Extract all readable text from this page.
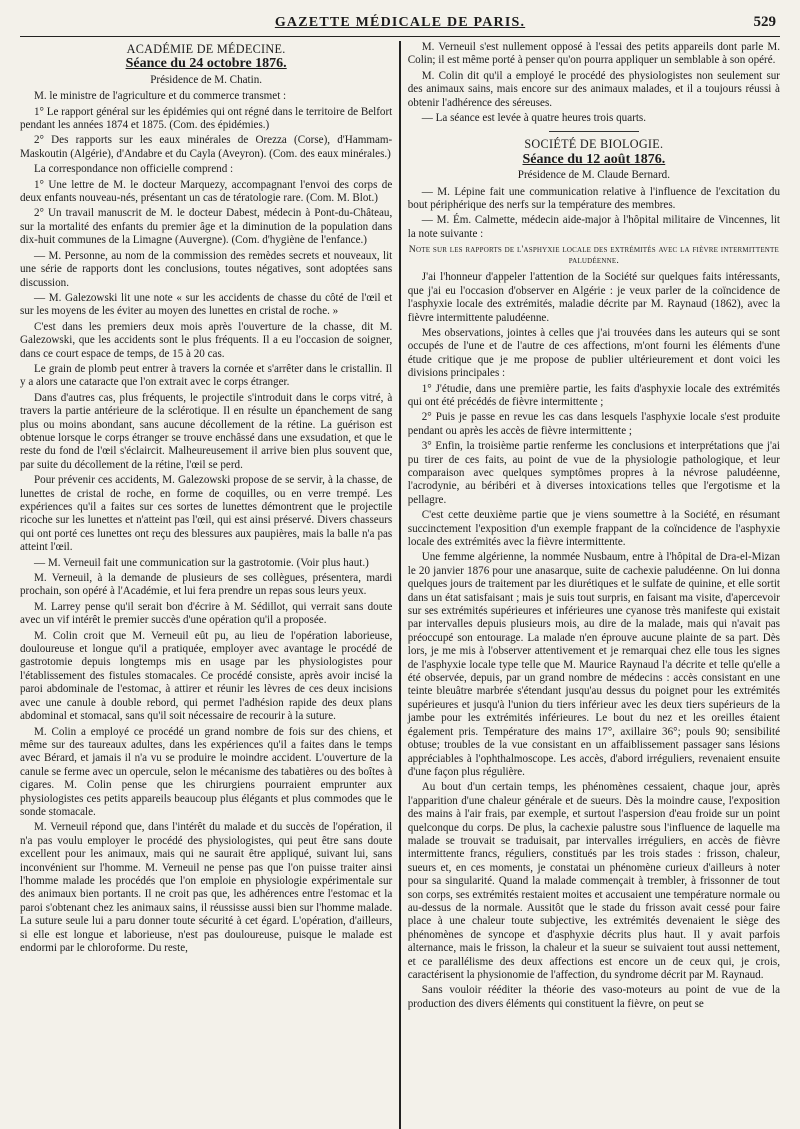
GAZETTE MÉDICALE DE PARIS.	529
ACADÉMIE DE MÉDECINE.
Séance du 24 octobre 1876.
Présidence de M. Chatin.

M. le ministre de l'agriculture et du commerce transmet :

1° Le rapport général sur les épidémies qui ont régné dans le territoire de Belfort pendant les années 1874 et 1875. (Com. des épidémies.)

2° Des rapports sur les eaux minérales de Orezza (Corse), d'Hammam-Maskoutin (Algérie), d'Andabre et du Cayla (Aveyron). (Com. des eaux minérales.)

La correspondance non officielle comprend :

1° Une lettre de M. le docteur Marquezy, accompagnant l'envoi des corps de deux enfants nouveau-nés, présentant un cas de tératologie rare. (Com. M. Blot.)

2° Un travail manuscrit de M. le docteur Dabest, médecin à Pont-du-Château, sur la mortalité des enfants du premier âge et la diminution de la population dans dix-huit communes de la Limagne (Auvergne). (Com. d'hygiène de l'enfance.)

— M. Personne, au nom de la commission des remèdes secrets et nouveaux, lit une série de rapports dont les conclusions, toutes négatives, sont adoptées sans discussion.

— M. Galezowski lit une note « sur les accidents de chasse du côté de l'œil et sur les moyens de les éviter au moyen des lunettes en cristal de roche. »

C'est dans les premiers deux mois après l'ouverture de la chasse, dit M. Galezowski, que les accidents sont le plus fréquents. Il a eu l'occasion de soigner, dans ce court espace de temps, de 15 à 20 cas.

Le grain de plomb peut entrer à travers la cornée et s'arrêter dans le cristallin. Il y a alors une cataracte que l'on extrait avec le corps étranger.

Dans d'autres cas, plus fréquents, le projectile s'introduit dans le corps vitré, à travers la partie antérieure de la sclérotique. Il en résulte un épanchement de sang plus ou moins abondant, sans aucune décollement de la rétine. La guérison est obtenue lorsque le corps étranger se trouve enchâssé dans une exsudation, et que le reste du fond de l'œil s'éclaircit. Malheureusement il arrive bien plus souvent que, par suite du décollement de la rétine, l'œil se perd.

Pour prévenir ces accidents, M. Galezowski propose de se servir, à la chasse, de lunettes de cristal de roche, en forme de coquilles, ou en verre trempé. Les expériences qu'il a faites sur ces sortes de lunettes démontrent que le projectile ricoche sur les lunettes et n'atteint pas l'œil, qui est ainsi préservé. Divers chasseurs qui ont porté ces lunettes ont reçu des blessures aux paupières, mais la balle n'a pas atteint l'œil.

— M. Verneuil fait une communication sur la gastrotomie. (Voir plus haut.)

M. Verneuil, à la demande de plusieurs de ses collègues, présentera, mardi prochain, son opéré à l'Académie, et lui fera prendre un repas sous leurs yeux.

M. Larrey pense qu'il serait bon d'écrire à M. Sédillot, qui verrait sans doute avec un vif intérêt le premier succès d'une opération qu'il a proposée.

M. Colin croit que M. Verneuil eût pu, au lieu de l'opération laborieuse, douloureuse et longue qu'il a pratiquée, employer avec avantage le procédé de gastrotomie depuis longtemps mis en usage par les physiologistes pour l'établissement des fistules stomacales. Ce procédé consiste, après avoir incisé la paroi abdominale de l'estomac, à attirer et réunir les lèvres de ces deux incisions avec une canule à double rebord, qui permet l'adhésion rapide des deux plans abdominal et stomacal, sans qu'il soit nécessaire de recourir à la suture.

M. Colin a employé ce procédé un grand nombre de fois sur des chiens, et même sur des taureaux adultes, dans les expériences qu'il a faites dans le temps avec Bérard, et jamais il n'a vu se produire le moindre accident. L'ouverture de la canule se ferme avec un opercule, selon le mécanisme des tabatières ou des boîtes à cigares. M. Colin pense que les chirurgiens pourraient emprunter aux physiologistes ces petits appareils beaucoup plus élégants et plus commodes que le sonde stomacale.

M. Verneuil répond que, dans l'intérêt du malade et du succès de l'opération, il n'a pas voulu employer le procédé des physiologistes, qui peut être sans doute excellent pour les animaux, mais qui ne saurait être appliqué, suivant lui, sans inconvénient sur l'homme. M. Verneuil ne pense pas que l'on puisse traiter ainsi l'homme malade les procédés que l'on emploie en physiologie expérimentale sur des animaux bien portants. Il ne croit pas que, les adhérences entre l'estomac et la paroi s'obtenant chez les animaux sains, il réussisse aussi bien sur l'homme malade. La suture seule lui a paru donner toute sécurité à cet égard. L'opération, d'ailleurs, si elle est longue et laborieuse, n'est pas douloureuse, puisque le malade est endormi par le chloroforme. Du reste,

M. Verneuil s'est nullement opposé à l'essai des petits appareils dont parle M. Colin; il est même porté à penser qu'on pourra appliquer un semblable à son opéré.

M. Colin dit qu'il a employé le procédé des physiologistes non seulement sur des animaux sains, mais encore sur des animaux malades, et il a toujours réussi à obtenir l'adhérence des séreuses.

— La séance est levée à quatre heures trois quarts.

SOCIÉTÉ DE BIOLOGIE.
Séance du 12 août 1876.
Présidence de M. Claude Bernard.

— M. Lépine fait une communication relative à l'influence de l'excitation du bout périphérique des nerfs sur la température des membres.

— M. Ém. Calmette, médecin aide-major à l'hôpital militaire de Vincennes, lit la note suivante :

Note sur les rapports de l'asphyxie locale des extrémités avec la fièvre intermittente paludéenne.

J'ai l'honneur d'appeler l'attention de la Société sur quelques faits intéressants, que j'ai eu l'occasion d'observer en Algérie : je veux parler de la coïncidence de l'asphyxie locale des extrémités, maladie décrite par M. Raynaud (1862), avec la fièvre intermittente paludéenne.

Mes observations, jointes à celles que j'ai trouvées dans les auteurs qui se sont occupés de l'une et de l'autre de ces affections, m'ont fourni les éléments d'une étude critique que je me propose de publier ultérieurement et dont voici les divisions principales :

1° J'étudie, dans une première partie, les faits d'asphyxie locale des extrémités qui ont été précédés de fièvre intermittente ;

2° Puis je passe en revue les cas dans lesquels l'asphyxie locale s'est produite pendant ou après les accès de fièvre intermittente ;

3° Enfin, la troisième partie renferme les conclusions et interprétations que j'ai pu tirer de ces faits, au point de vue de la physiologie pathologique, et leur comparaison avec quelques symptômes propres à la névrose paludéenne, l'acrodynie, au béribéri et à diverses intoxications telles que l'ergotisme et la pellagre.

C'est cette deuxième partie que je viens soumettre à la Société, en résumant succinctement l'exposition d'un exemple frappant de la coïncidence de l'asphyxie locale des extrémités avec la fièvre intermittente.

Une femme algérienne, la nommée Nusbaum, entre à l'hôpital de Dra-el-Mizan le 20 janvier 1876 pour une anasarque, suite de cachexie paludéenne. On lui donna quelques jours de traitement par les diurétiques et le sulfate de quinine, et elle sortit dans un état satisfaisant ; mais je suis tout surpris, en faisant ma visite, d'apercevoir sur ses extrémités supérieures et inférieures une cyanose très manifeste qui existait par intervalles depuis plusieurs mois, au dire de la malade, mais qui n'avait pas préoccupé son entourage. La malade n'en éprouve aucune plainte de sa part. Dès lors, je me mis à l'observer attentivement et je remarquai chez elle tous les signes de l'asphyxie locale type telle que M. Maurice Raynaud l'a décrite et telle qu'elle a été observée, depuis, par un grand nombre de médecins : accès consistant en une teinte bleuâtre marbrée s'étendant jusqu'au dessus du poignet pour les extrémités supérieures et jusqu'à l'union du tiers inférieur avec les deux tiers supérieurs de la jambe pour les extrémités inférieures. Le bout du nez et les oreilles étaient également pris. Température des mains 17°, axillaire 36°; pouls 90; sensibilité obtuse; troubles de la vue consistant en un affaiblissement passager sans lésions appréciables à l'ophthalmoscope. Les accès, d'abord irréguliers, revenaient ensuite d'une façon plus régulière.

Au bout d'un certain temps, les phénomènes cessaient, chaque jour, après l'apparition d'une chaleur générale et de sueurs. Dès la moindre cause, l'exposition des mains à l'air frais, par exemple, et surtout l'aspersion d'eau froide sur un point quelconque du corps. De plus, la cachexie palustre sous l'influence de laquelle ma malade se trouvait se traduisait, par intervalles irréguliers, en accès de fièvre intermittente francs, réguliers, constitués par les trois stades : frisson, chaleur, sueurs et, en ces moments, je constatai un phénomène curieux d'ailleurs à noter pour sa singularité. Quand la malade commençait à trembler, à frissonner de tout son corps, ses extrémités restaient moites et accusaient une température normale ou au-dessus de la normale. Aussitôt que le stade du frisson avait cessé pour faire place à une chaleur toute subjective, les extrémités devenaient le siège des phénomènes de syncope et d'asphyxie décrits plus haut. Il y avait parfois alternance, mais le frisson, la chaleur et la sueur se suivaient tout aussi nettement, et ce parallélisme des deux affections est encore un de ceux qui, je crois, caractérisent la physionomie de l'affection, du syndrome décrit par M. Raynaud.

Sans vouloir rééditer la théorie des vaso-moteurs au point de vue de la production des divers éléments qui constituent la fièvre, on peut se
